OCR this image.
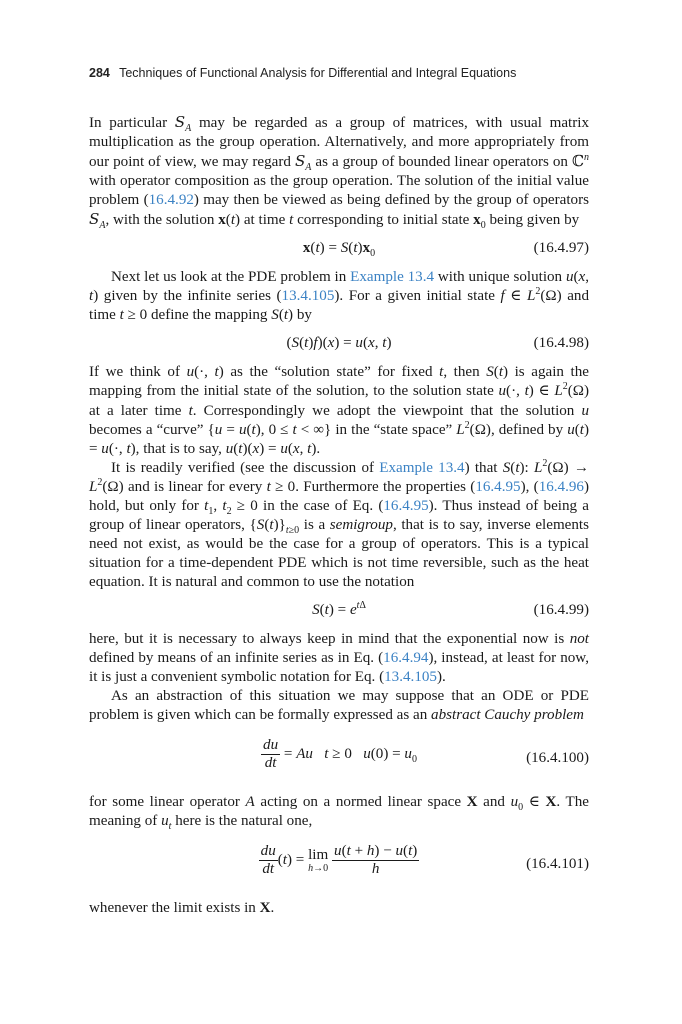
284 Techniques of Functional Analysis for Differential and Integral Equations

In particular $S_A$ may be regarded as a group of matrices, with usual matrix multiplication as the group operation. Alternatively, and more appropriately from our point of view, we may regard $S_A$ as a group of bounded linear operators on ℂ$^n$ with operator composition as the group operation. The solution of the initial value problem (16.4.92) may then be viewed as being defined by the group of operators $S_A$, with the solution x(t) at time t corresponding to initial state $x_0$ being given by

$x(t) = S(t)x_0$	(16.4.97)

Next let us look at the PDE problem in Example 13.4 with unique solution u(x, t) given by the infinite series (13.4.105). For a given initial state f ∈ $L^2(\Omega)$ and time t ≥ 0 define the mapping S(t) by

(S(t)f)(x) = u(x, t)	(16.4.98)

If we think of u(·, t) as the “solution state” for fixed t, then S(t) is again the mapping from the initial state of the solution, to the solution state u(·, t) ∈ $L^2(\Omega)$ at a later time t. Correspondingly we adopt the viewpoint that the solution u becomes a “curve” {u = u(t), 0 ≤ t < ∞} in the “state space” $L^2(\Omega)$, defined by u(t) = u(·, t), that is to say, u(t)(x) = u(x, t).

It is readily verified (see the discussion of Example 13.4) that S(t): $L^2(\Omega) \to L^2(\Omega)$ and is linear for every t ≥ 0. Furthermore the properties (16.4.95), (16.4.96) hold, but only for $t_1$, $t_2 \ge 0$ in the case of Eq. (16.4.95). Thus instead of being a group of linear operators, $\{S(t)\}_{t\ge 0}$ is a semigroup, that is to say, inverse elements need not exist, as would be the case for a group of operators. This is a typical situation for a time-dependent PDE which is not time reversible, such as the heat equation. It is natural and common to use the notation

$S(t) = e^{t\Delta}$	(16.4.99)

here, but it is necessary to always keep in mind that the exponential now is not defined by means of an infinite series as in Eq. (16.4.94), instead, at least for now, it is just a convenient symbolic notation for Eq. (13.4.105).

As an abstraction of this situation we may suppose that an ODE or PDE problem is given which can be formally expressed as an abstract Cauchy problem

$\frac{du}{dt} = Au$ t ≥ 0   $u(0) = u_0$	(16.4.100)

for some linear operator A acting on a normed linear space X and $u_0$ ∈ X. The meaning of $u_t$ here is the natural one,

$\frac{du}{dt} (t) = \lim$
h→0
$\frac{u(t + h) - u(t)}{h}$	(16.4.101)

whenever the limit exists in X.
